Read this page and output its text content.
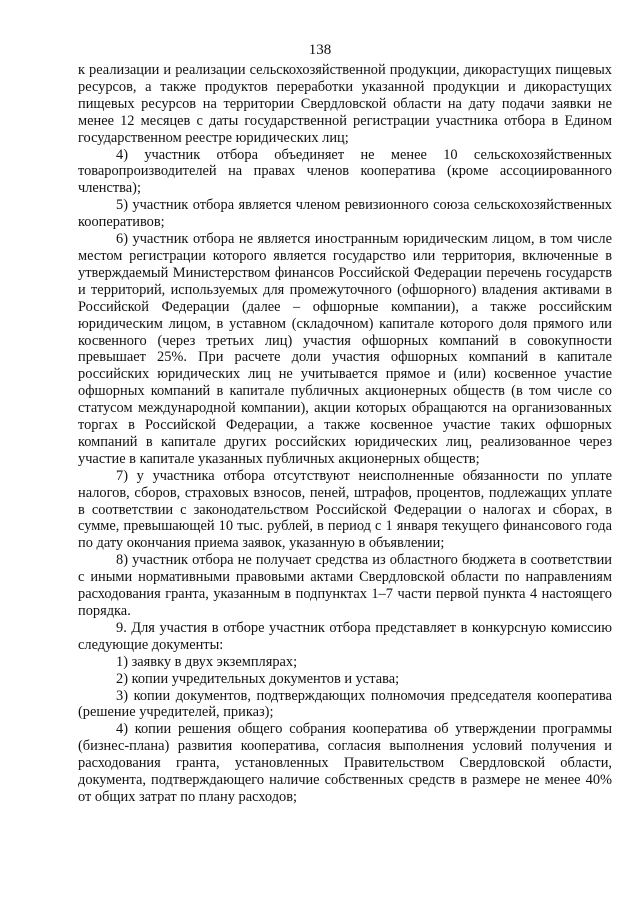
138

к реализации и реализации сельскохозяйственной продукции, дикорастущих пищевых ресурсов, а также продуктов переработки указанной продукции и дикорастущих пищевых ресурсов на территории Свердловской области на дату подачи заявки не менее 12 месяцев с даты государственной регистрации участника отбора в Едином государственном реестре юридических лиц;

4) участник отбора объединяет не менее 10 сельскохозяйственных товаропроизводителей на правах членов кооператива (кроме ассоциированного членства);

5) участник отбора является членом ревизионного союза сельскохозяйственных кооперативов;

6) участник отбора не является иностранным юридическим лицом, в том числе местом регистрации которого является государство или территория, включенные в утверждаемый Министерством финансов Российской Федерации перечень государств и территорий, используемых для промежуточного (офшорного) владения активами в Российской Федерации (далее – офшорные компании), а также российским юридическим лицом, в уставном (складочном) капитале которого доля прямого или косвенного (через третьих лиц) участия офшорных компаний в совокупности превышает 25%. При расчете доли участия офшорных компаний в капитале российских юридических лиц не учитывается прямое и (или) косвенное участие офшорных компаний в капитале публичных акционерных обществ (в том числе со статусом международной компании), акции которых обращаются на организованных торгах в Российской Федерации, а также косвенное участие таких офшорных компаний в капитале других российских юридических лиц, реализованное через участие в капитале указанных публичных акционерных обществ;

7) у участника отбора отсутствуют неисполненные обязанности по уплате налогов, сборов, страховых взносов, пеней, штрафов, процентов, подлежащих уплате в соответствии с законодательством Российской Федерации о налогах и сборах, в сумме, превышающей 10 тыс. рублей, в период с 1 января текущего финансового года по дату окончания приема заявок, указанную в объявлении;

8) участник отбора не получает средства из областного бюджета в соответствии с иными нормативными правовыми актами Свердловской области по направлениям расходования гранта, указанным в подпунктах 1–7 части первой пункта 4 настоящего порядка.

9. Для участия в отборе участник отбора представляет в конкурсную комиссию следующие документы:

1) заявку в двух экземплярах;

2) копии учредительных документов и устава;

3) копии документов, подтверждающих полномочия председателя кооператива (решение учредителей, приказ);

4) копии решения общего собрания кооператива об утверждении программы (бизнес-плана) развития кооператива, согласия выполнения условий получения и расходования гранта, установленных Правительством Свердловской области, документа, подтверждающего наличие собственных средств в размере не менее 40% от общих затрат по плану расходов;
